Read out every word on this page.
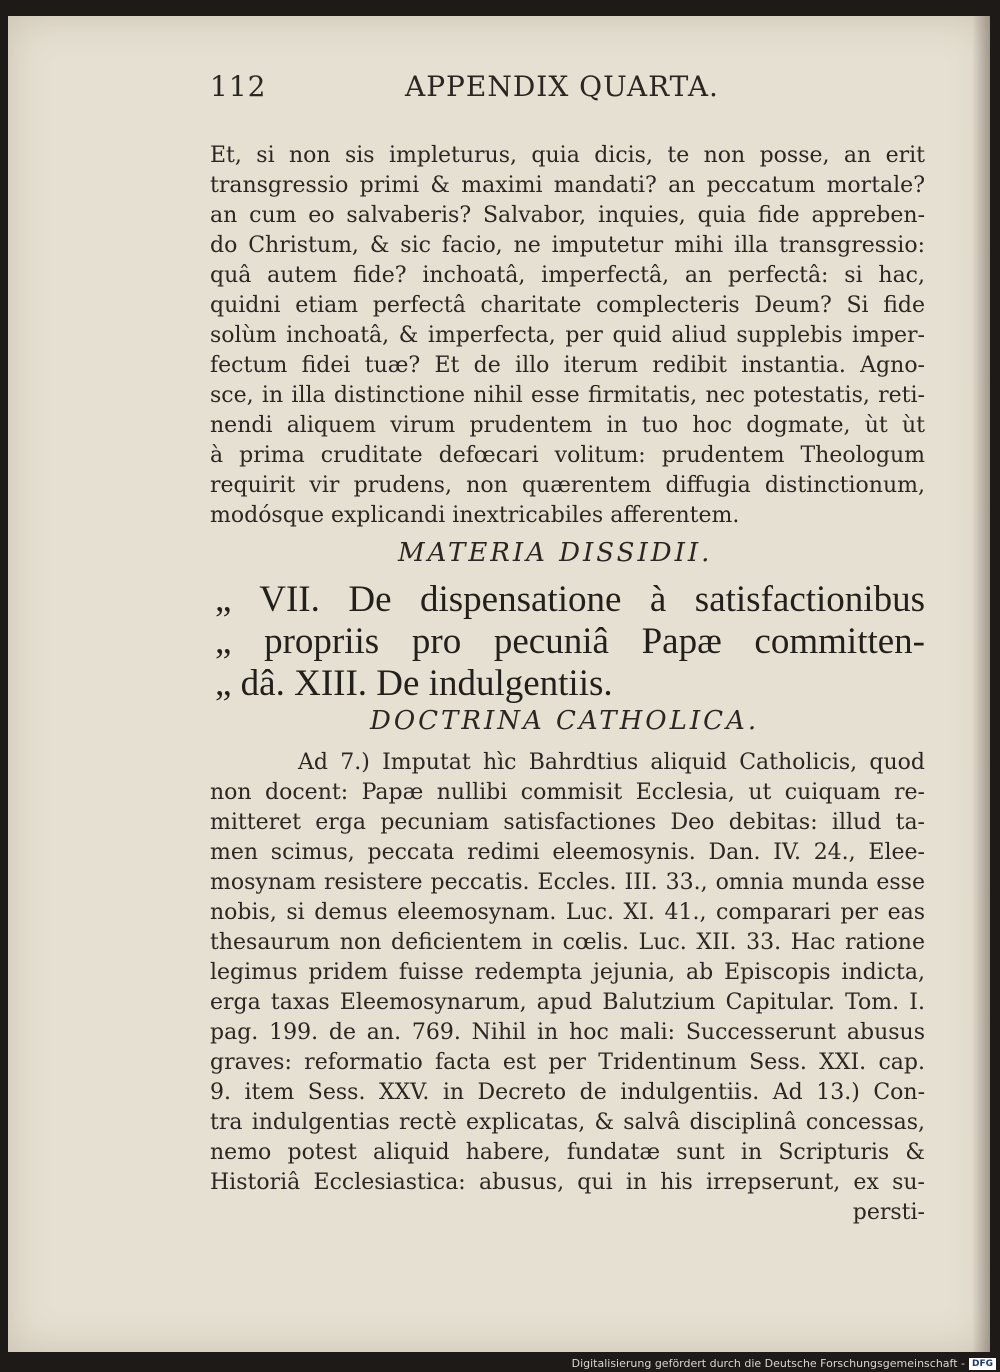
112	APPENDIX QUARTA.
Et, si non sis impleturus, quia dicis, te non posse, an erit
transgressio primi & maximi mandati? an peccatum mortale?
an cum eo salvaberis? Salvabor, inquies, quia fide appreben-
do Christum, & sic facio, ne imputetur mihi illa transgressio:
quâ autem fide? inchoatâ, imperfectâ, an perfectâ: si hac,
quidni etiam perfectâ charitate complecteris Deum? Si fide
solùm inchoatâ, & imperfecta, per quid aliud supplebis imper-
fectum fidei tuæ? Et de illo iterum redibit instantia. Agno-
sce, in illa distinctione nihil esse firmitatis, nec potestatis, reti-
nendi aliquem virum prudentem in tuo hoc dogmate, ùt ùt
à prima cruditate defœcari volitum: prudentem Theologum
requirit vir prudens, non quærentem diffugia distinctionum,
modósque explicandi inextricabiles afferentem.
MATERIA DISSIDII.
„ VII. De dispensatione à satisfactionibus
„ propriis pro pecuniâ Papæ committen-
„ dâ. XIII. De indulgentiis.
DOCTRINA CATHOLICA.
Ad 7.) Imputat hìc Bahrdtius aliquid Catholicis, quod
non docent: Papæ nullibi commisit Ecclesia, ut cuiquam re-
mitteret erga pecuniam satisfactiones Deo debitas: illud ta-
men scimus, peccata redimi eleemosynis. Dan. IV. 24., Elee-
mosynam resistere peccatis. Eccles. III. 33., omnia munda esse
nobis, si demus eleemosynam. Luc. XI. 41., comparari per eas
thesaurum non deficientem in cœlis. Luc. XII. 33. Hac ratione
legimus pridem fuisse redempta jejunia, ab Episcopis indicta,
erga taxas Eleemosynarum, apud Balutzium Capitular. Tom. I.
pag. 199. de an. 769. Nihil in hoc mali: Successerunt abusus
graves: reformatio facta est per Tridentinum Sess. XXI. cap.
9. item Sess. XXV. in Decreto de indulgentiis. Ad 13.) Con-
tra indulgentias rectè explicatas, & salvâ disciplinâ concessas,
nemo potest aliquid habere, fundatæ sunt in Scripturis &
Historiâ Ecclesiastica: abusus, qui in his irrepserunt, ex su-
persti-
Digitalisierung gefördert durch die Deutsche Forschungsgemeinschaft - DFG
